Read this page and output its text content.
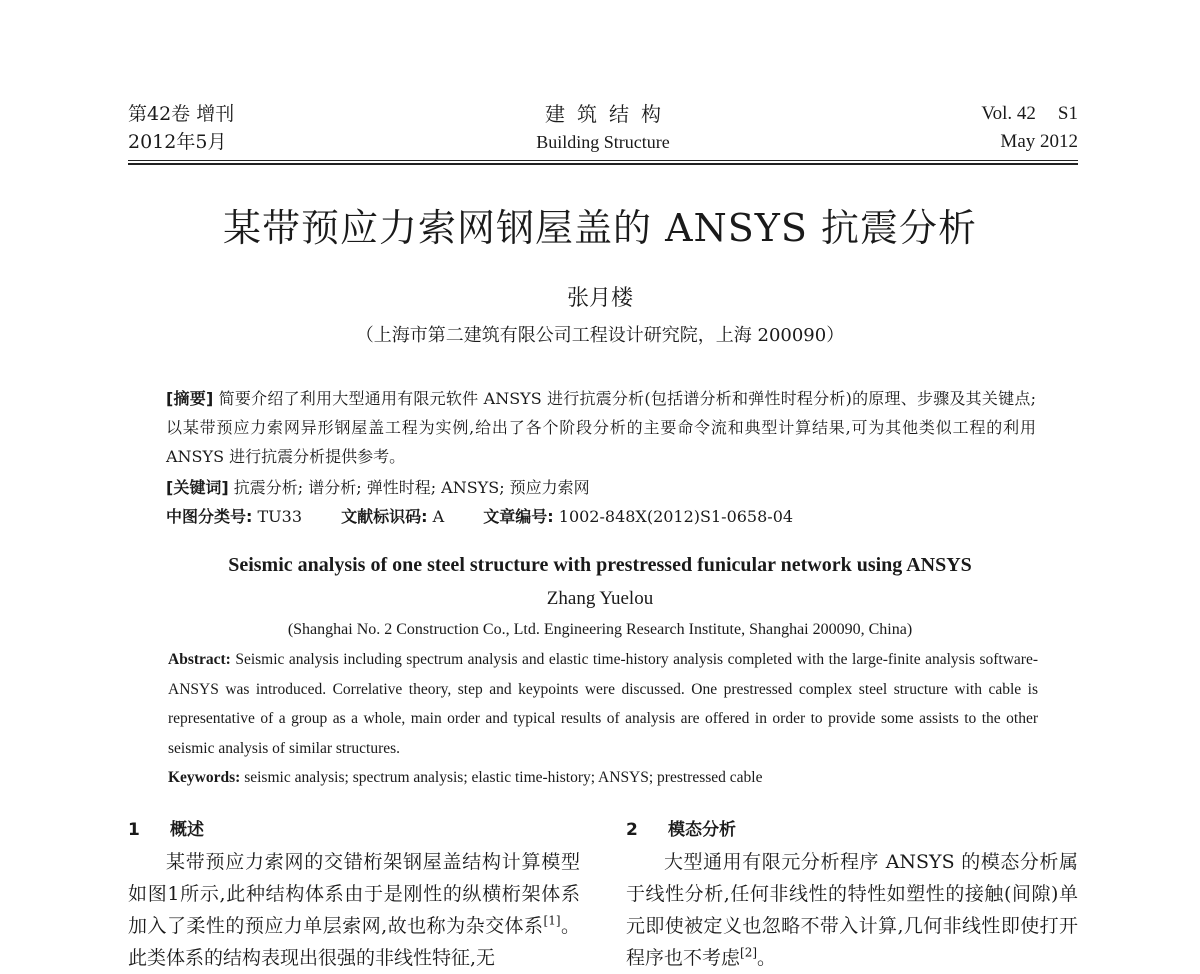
第42卷 增刊
2012年5月
建筑结构
Building Structure
Vol. 42 S1
May 2012
某带预应力索网钢屋盖的 ANSYS 抗震分析
张月楼
（上海市第二建筑有限公司工程设计研究院，上海 200090）
[摘要] 简要介绍了利用大型通用有限元软件 ANSYS 进行抗震分析(包括谱分析和弹性时程分析)的原理、步骤及其关键点;以某带预应力索网异形钢屋盖工程为实例,给出了各个阶段分析的主要命令流和典型计算结果,可为其他类似工程的利用 ANSYS 进行抗震分析提供参考。
[关键词] 抗震分析; 谱分析; 弹性时程; ANSYS; 预应力索网
中图分类号: TU33 文献标识码: A 文章编号: 1002-848X(2012)S1-0658-04
Seismic analysis of one steel structure with prestressed funicular network using ANSYS
Zhang Yuelou
(Shanghai No. 2 Construction Co., Ltd. Engineering Research Institute, Shanghai 200090, China)
Abstract: Seismic analysis including spectrum analysis and elastic time-history analysis completed with the large-finite analysis software-ANSYS was introduced. Correlative theory, step and keypoints were discussed. One prestressed complex steel structure with cable is representative of a group as a whole, main order and typical results of analysis are offered in order to provide some assists to the other seismic analysis of similar structures.
Keywords: seismic analysis; spectrum analysis; elastic time-history; ANSYS; prestressed cable
1 概述
某带预应力索网的交错桁架钢屋盖结构计算模型如图1所示,此种结构体系由于是刚性的纵横桁架体系加入了柔性的预应力单层索网,故也称为杂交体系[1]。此类体系的结构表现出很强的非线性特征,无
2 模态分析
大型通用有限元分析程序 ANSYS 的模态分析属于线性分析,任何非线性的特性如塑性的接触(间隙)单元即使被定义也忽略不带入计算,几何非线性即使打开程序也不考虑[2]。
